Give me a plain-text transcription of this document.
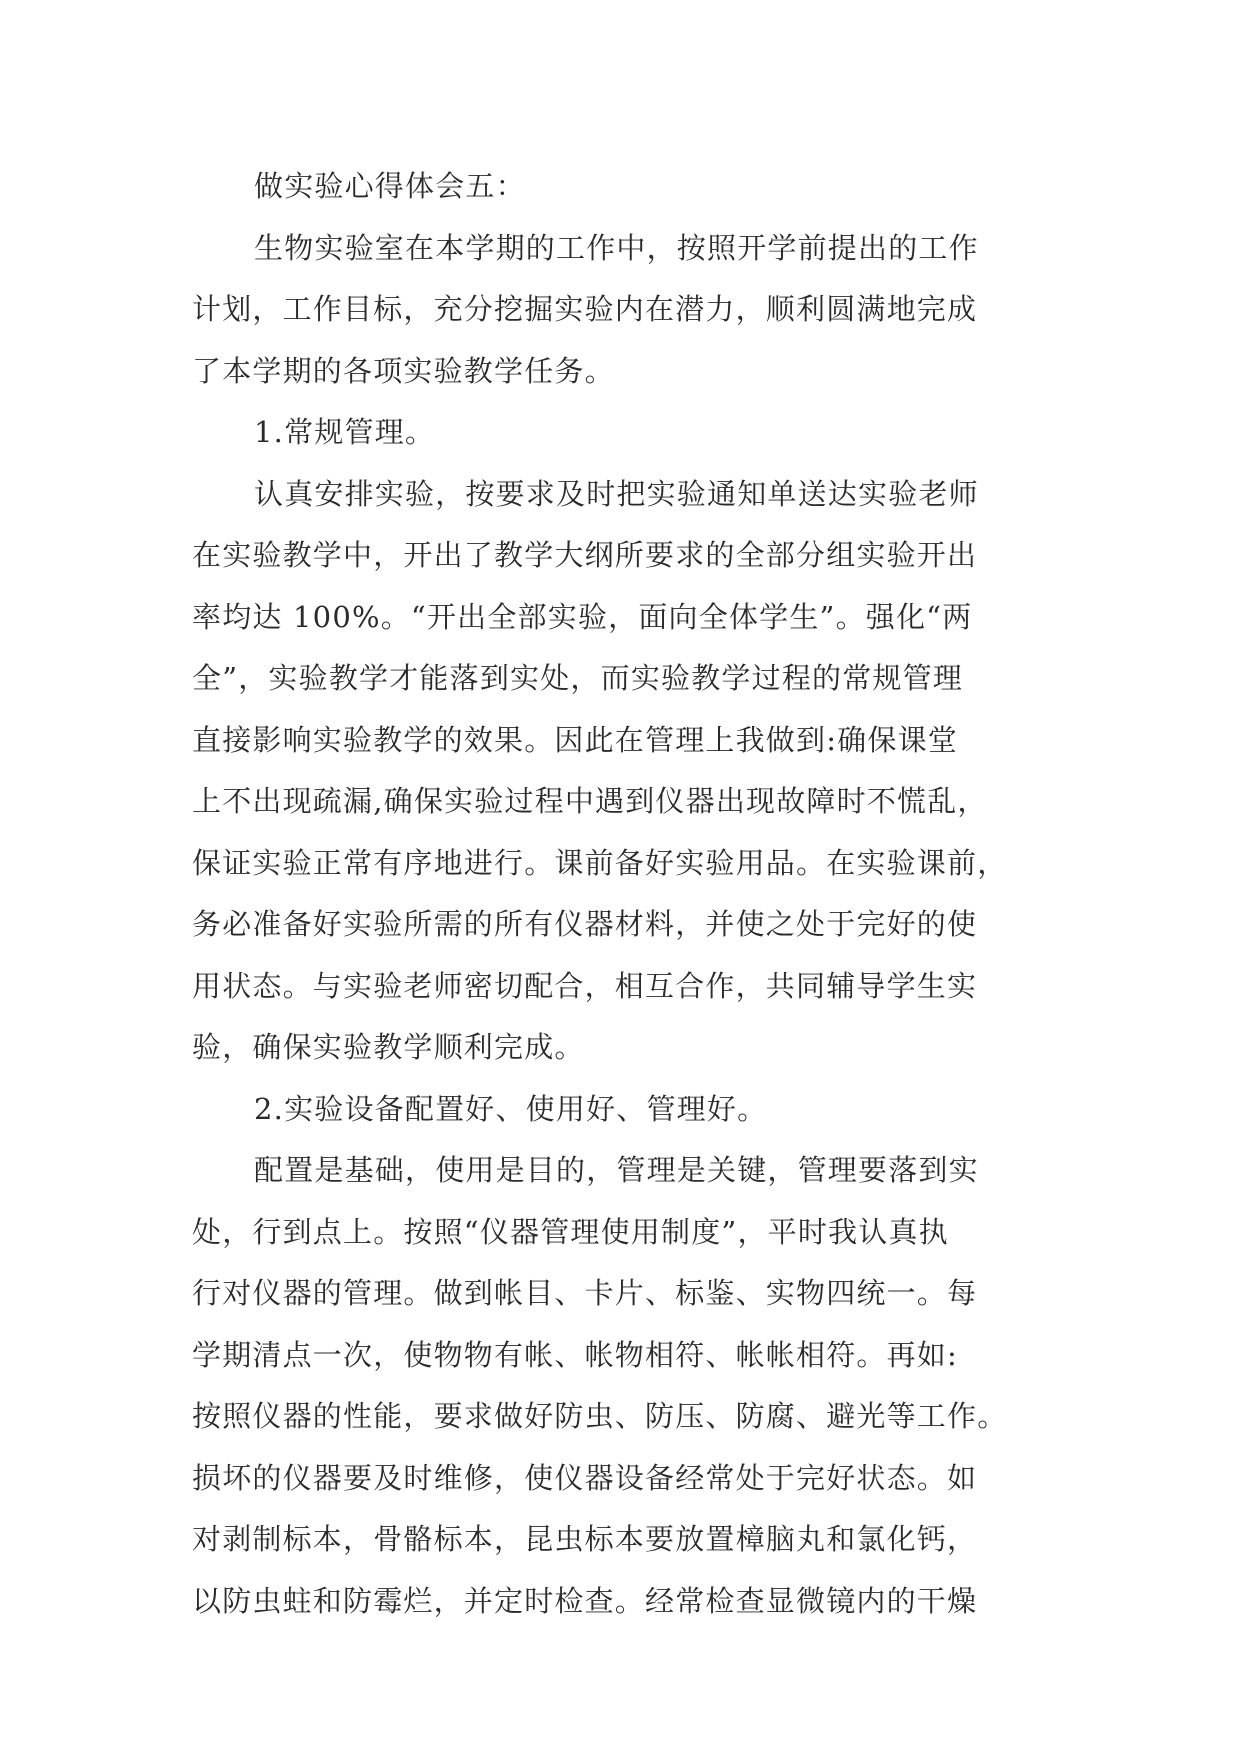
做实验心得体会五：
生物实验室在本学期的工作中，按照开学前提出的工作
计划，工作目标，充分挖掘实验内在潜力，顺利圆满地完成
了本学期的各项实验教学任务。
1.常规管理。
认真安排实验，按要求及时把实验通知单送达实验老师
在实验教学中，开出了教学大纲所要求的全部分组实验开出
率均达 100%。“开出全部实验，面向全体学生”。强化“两
全”，实验教学才能落到实处，而实验教学过程的常规管理
直接影响实验教学的效果。因此在管理上我做到:确保课堂
上不出现疏漏,确保实验过程中遇到仪器出现故障时不慌乱，
保证实验正常有序地进行。课前备好实验用品。在实验课前，
务必准备好实验所需的所有仪器材料，并使之处于完好的使
用状态。与实验老师密切配合，相互合作，共同辅导学生实
验，确保实验教学顺利完成。
2.实验设备配置好、使用好、管理好。
配置是基础，使用是目的，管理是关键，管理要落到实
处，行到点上。按照“仪器管理使用制度”，平时我认真执
行对仪器的管理。做到帐目、卡片、标鉴、实物四统一。每
学期清点一次，使物物有帐、帐物相符、帐帐相符。再如:
按照仪器的性能，要求做好防虫、防压、防腐、避光等工作。
损坏的仪器要及时维修，使仪器设备经常处于完好状态。如
对剥制标本，骨骼标本，昆虫标本要放置樟脑丸和氯化钙，
以防虫蛀和防霉烂，并定时检查。经常检查显微镜内的干燥
